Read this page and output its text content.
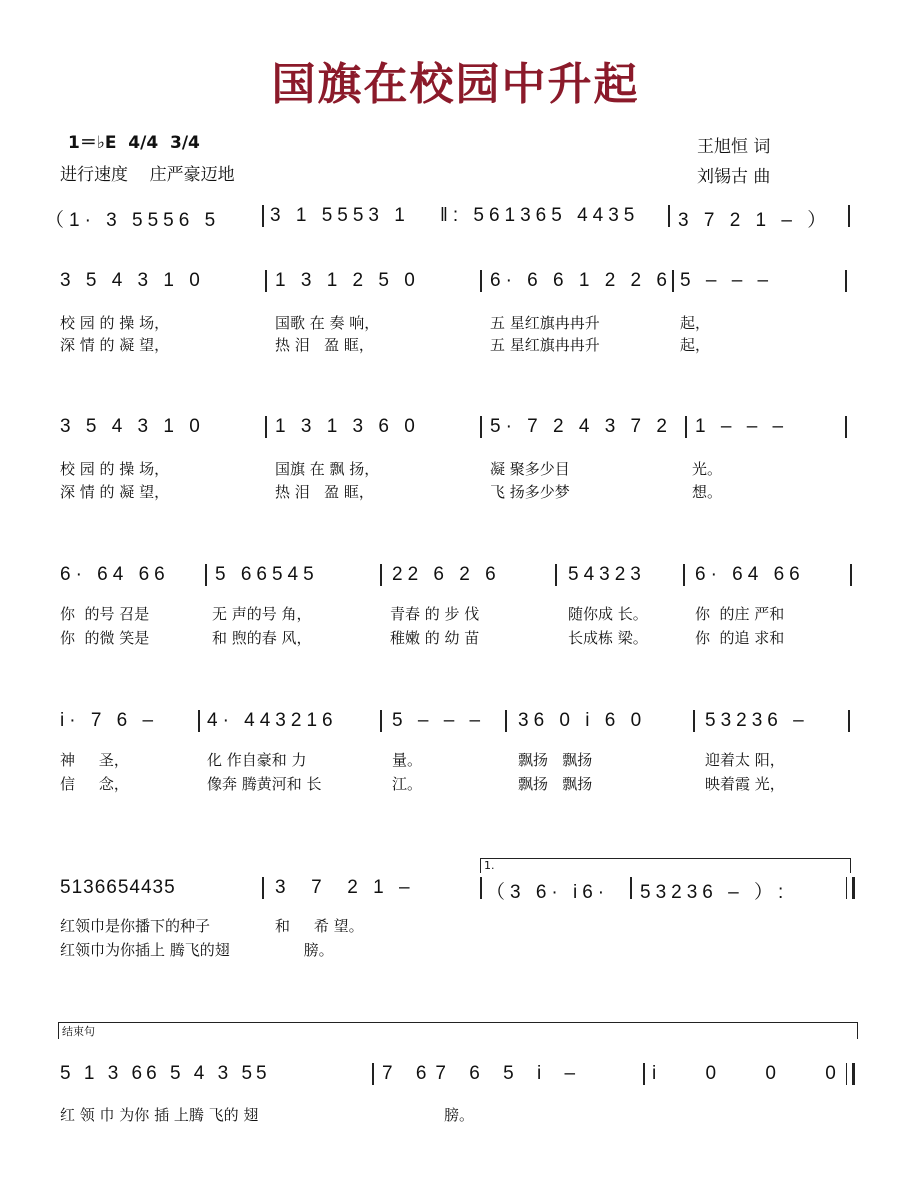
国旗在校园中升起
1＝♭E  4/4  3/4
进行速度    庄严豪迈地
王旭恒 词
刘锡古 曲
（1· 3 5556 5	3 1 5553 1 ‖: 561365 4435 3 7 2 1 – ）
3 5 4 3 1 0	1 3 1 2 5 0	6· 6 6 1 2 2 6 5 – – –
校 园 的 操 场，	国歌 在 奏 响，	五 星红旗冉冉升	起，
深 情 的 凝 望，	热 泪   盈 眶，	五 星红旗冉冉升	起，
3 5 4 3 1 0	1 3 1 3 6 0	5· 7 2 4 3 7 2 1 – – –
校 园 的 操 场，	国旗 在 飘 扬，	凝 聚多少目	光。
深 情 的 凝 望，	热 泪   盈 眶，	飞 扬多少梦	想。
6· 64 66 5 66545	22 6 2 6	54323	6· 64 66
你  的号 召是	无 声的号 角，	青春 的 步 伐	随你成 长。	你  的庄 严和
你  的微 笑是	和 煦的春 风，	稚嫩 的 幼 苗	长成栋 梁。	你  的追 求和
i· 7 6 –	4· 443216	5 – – – 36 0 i 6 0	53236 –
神     圣，	化 作自豪和 力	量。	飘扬   飘扬	迎着太 阳，
信     念，	像奔 腾黄河和 长	江。	飘扬   飘扬	映着霞 光，
1.
5136654435	3  7  2 1 –	（3 6· i6· 53236 – ）:
红领巾是你播下的种子	和     希 望。
红领巾为你插上 腾飞的翅	膀。
结束句
5 1 3 66 5 4 3 55	7 67 6 5 i –	i 0 0 0
红 领 巾 为你 插 上腾 飞的 翅	膀。
